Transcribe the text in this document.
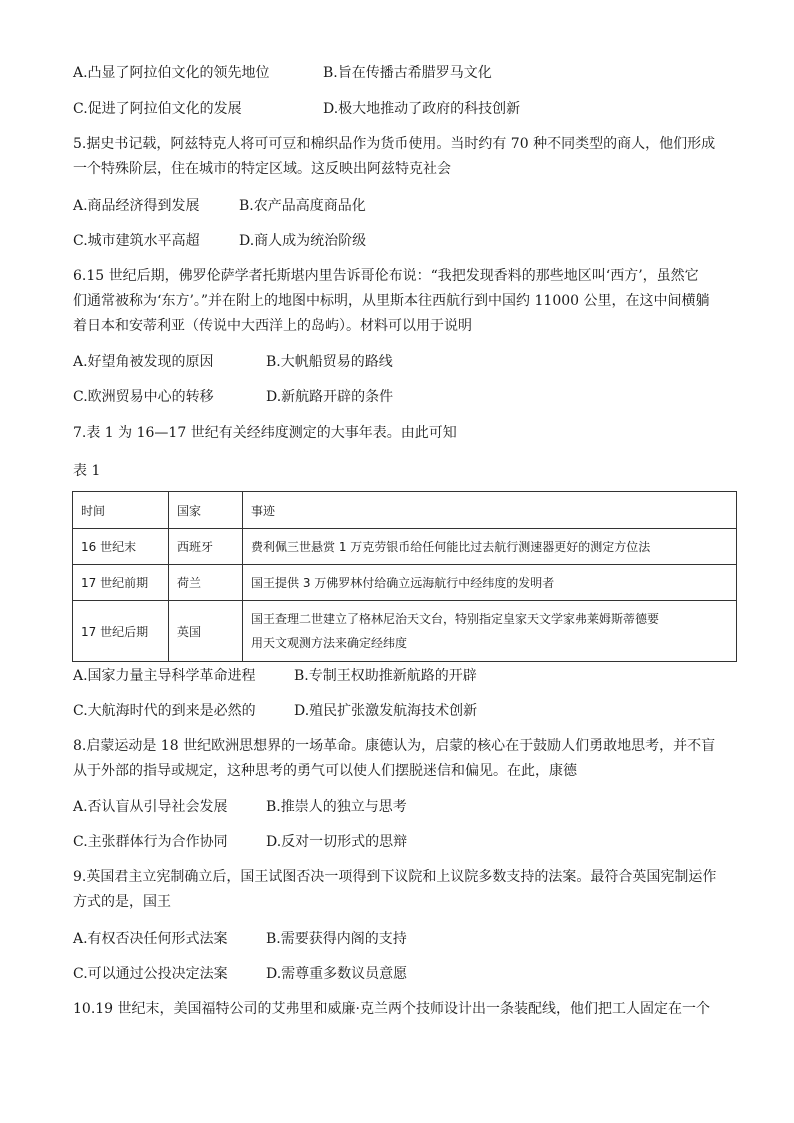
A.凸显了阿拉伯文化的领先地位	B.旨在传播古希腊罗马文化
C.促进了阿拉伯文化的发展	D.极大地推动了政府的科技创新
5.据史书记载，阿兹特克人将可可豆和棉织品作为货币使用。当时约有 70 种不同类型的商人，他们形成
一个特殊阶层，住在城市的特定区域。这反映出阿兹特克社会
A.商品经济得到发展	B.农产品高度商品化
C.城市建筑水平高超	D.商人成为统治阶级
6.15 世纪后期，佛罗伦萨学者托斯堪内里告诉哥伦布说：“我把发现香料的那些地区叫‘西方’，虽然它
们通常被称为‘东方’。”并在附上的地图中标明，从里斯本往西航行到中国约 11000 公里，在这中间横躺
着日本和安蒂利亚（传说中大西洋上的岛屿）。材料可以用于说明
A.好望角被发现的原因	B.大帆船贸易的路线
C.欧洲贸易中心的转移	D.新航路开辟的条件
7.表 1 为 16—17 世纪有关经纬度测定的大事年表。由此可知
表 1
时间	国家	事迹
16 世纪末	西班牙	费利佩三世悬赏 1 万克劳银币给任何能比过去航行测速器更好的测定方位法
17 世纪前期	荷兰	国王提供 3 万佛罗林付给确立远海航行中经纬度的发明者
17 世纪后期	英国	国王查理二世建立了格林尼治天文台，特别指定皇家天文学家弗莱姆斯蒂德要
用天文观测方法来确定经纬度
A.国家力量主导科学革命进程	B.专制王权助推新航路的开辟
C.大航海时代的到来是必然的	D.殖民扩张激发航海技术创新
8.启蒙运动是 18 世纪欧洲思想界的一场革命。康德认为，启蒙的核心在于鼓励人们勇敢地思考，并不盲
从于外部的指导或规定，这种思考的勇气可以使人们摆脱迷信和偏见。在此，康德
A.否认盲从引导社会发展	B.推崇人的独立与思考
C.主张群体行为合作协同	D.反对一切形式的思辩
9.英国君主立宪制确立后，国王试图否决一项得到下议院和上议院多数支持的法案。最符合英国宪制运作
方式的是，国王
A.有权否决任何形式法案	B.需要获得内阁的支持
C.可以通过公投决定法案	D.需尊重多数议员意愿
10.19 世纪末，美国福特公司的艾弗里和威廉·克兰两个技师设计出一条装配线，他们把工人固定在一个
